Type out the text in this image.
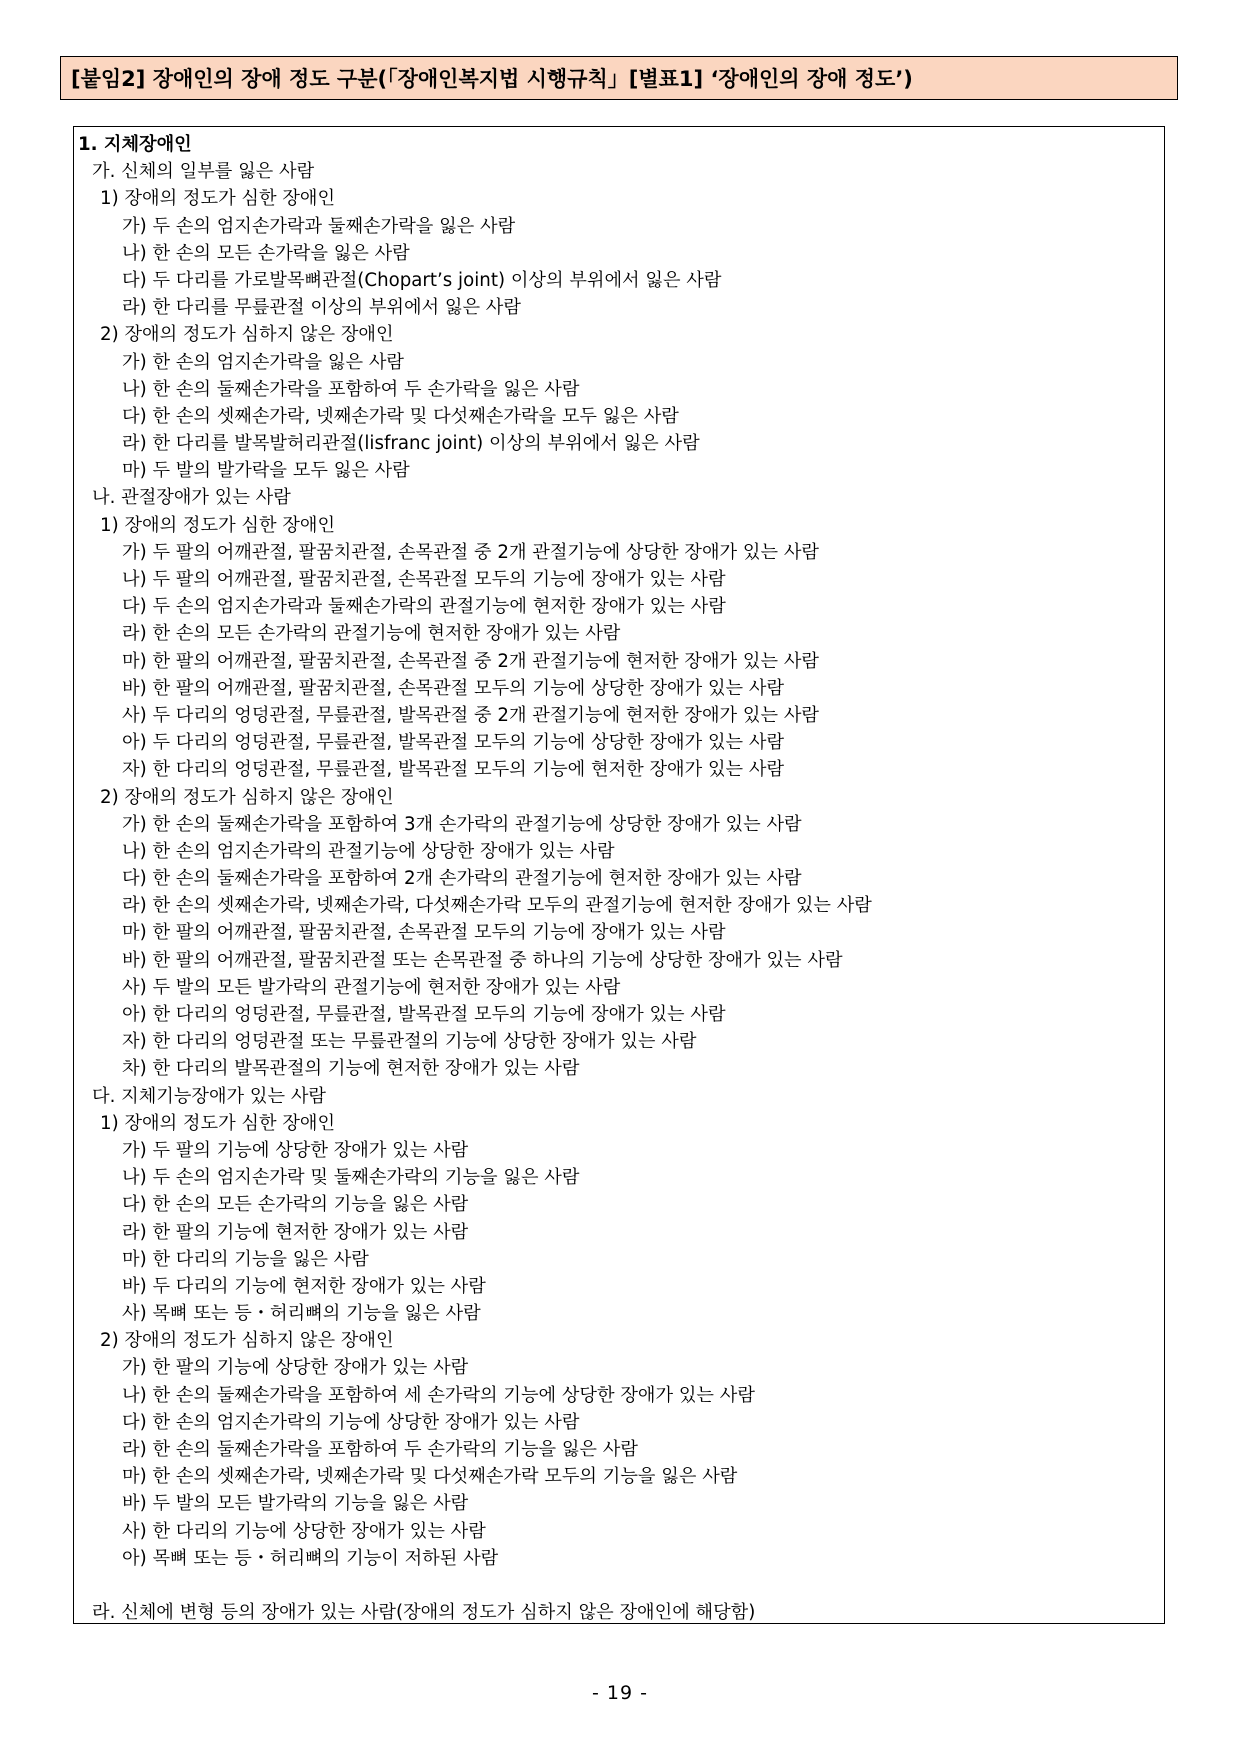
[붙임2] 장애인의 장애 정도 구분(「장애인복지법 시행규칙」[별표1] ‘장애인의 장애 정도’)
1. 지체장애인
가. 신체의 일부를 잃은 사람
1) 장애의 정도가 심한 장애인
가) 두 손의 엄지손가락과 둘째손가락을 잃은 사람
나) 한 손의 모든 손가락을 잃은 사람
다) 두 다리를 가로발목뼈관절(Chopart’s joint) 이상의 부위에서 잃은 사람
라) 한 다리를 무릎관절 이상의 부위에서 잃은 사람
2) 장애의 정도가 심하지 않은 장애인
가) 한 손의 엄지손가락을 잃은 사람
나) 한 손의 둘째손가락을 포함하여 두 손가락을 잃은 사람
다) 한 손의 셋째손가락, 넷째손가락 및 다섯째손가락을 모두 잃은 사람
라) 한 다리를 발목발허리관절(lisfranc joint) 이상의 부위에서 잃은 사람
마) 두 발의 발가락을 모두 잃은 사람
나. 관절장애가 있는 사람
1) 장애의 정도가 심한 장애인
가) 두 팔의 어깨관절, 팔꿈치관절, 손목관절 중 2개 관절기능에 상당한 장애가 있는 사람
나) 두 팔의 어깨관절, 팔꿈치관절, 손목관절 모두의 기능에 장애가 있는 사람
다) 두 손의 엄지손가락과 둘째손가락의 관절기능에 현저한 장애가 있는 사람
라) 한 손의 모든 손가락의 관절기능에 현저한 장애가 있는 사람
마) 한 팔의 어깨관절, 팔꿈치관절, 손목관절 중 2개 관절기능에 현저한 장애가 있는 사람
바) 한 팔의 어깨관절, 팔꿈치관절, 손목관절 모두의 기능에 상당한 장애가 있는 사람
사) 두 다리의 엉덩관절, 무릎관절, 발목관절 중 2개 관절기능에 현저한 장애가 있는 사람
아) 두 다리의 엉덩관절, 무릎관절, 발목관절 모두의 기능에 상당한 장애가 있는 사람
자) 한 다리의 엉덩관절, 무릎관절, 발목관절 모두의 기능에 현저한 장애가 있는 사람
2) 장애의 정도가 심하지 않은 장애인
가) 한 손의 둘째손가락을 포함하여 3개 손가락의 관절기능에 상당한 장애가 있는 사람
나) 한 손의 엄지손가락의 관절기능에 상당한 장애가 있는 사람
다) 한 손의 둘째손가락을 포함하여 2개 손가락의 관절기능에 현저한 장애가 있는 사람
라) 한 손의 셋째손가락, 넷째손가락, 다섯째손가락 모두의 관절기능에 현저한 장애가 있는 사람
마) 한 팔의 어깨관절, 팔꿈치관절, 손목관절 모두의 기능에 장애가 있는 사람
바) 한 팔의 어깨관절, 팔꿈치관절 또는 손목관절 중 하나의 기능에 상당한 장애가 있는 사람
사) 두 발의 모든 발가락의 관절기능에 현저한 장애가 있는 사람
아) 한 다리의 엉덩관절, 무릎관절, 발목관절 모두의 기능에 장애가 있는 사람
자) 한 다리의 엉덩관절 또는 무릎관절의 기능에 상당한 장애가 있는 사람
차) 한 다리의 발목관절의 기능에 현저한 장애가 있는 사람
다. 지체기능장애가 있는 사람
1) 장애의 정도가 심한 장애인
가) 두 팔의 기능에 상당한 장애가 있는 사람
나) 두 손의 엄지손가락 및 둘째손가락의 기능을 잃은 사람
다) 한 손의 모든 손가락의 기능을 잃은 사람
라) 한 팔의 기능에 현저한 장애가 있는 사람
마) 한 다리의 기능을 잃은 사람
바) 두 다리의 기능에 현저한 장애가 있는 사람
사) 목뼈 또는 등・허리뼈의 기능을 잃은 사람
2) 장애의 정도가 심하지 않은 장애인
가) 한 팔의 기능에 상당한 장애가 있는 사람
나) 한 손의 둘째손가락을 포함하여 세 손가락의 기능에 상당한 장애가 있는 사람
다) 한 손의 엄지손가락의 기능에 상당한 장애가 있는 사람
라) 한 손의 둘째손가락을 포함하여 두 손가락의 기능을 잃은 사람
마) 한 손의 셋째손가락, 넷째손가락 및 다섯째손가락 모두의 기능을 잃은 사람
바) 두 발의 모든 발가락의 기능을 잃은 사람
사) 한 다리의 기능에 상당한 장애가 있는 사람
아) 목뼈 또는 등・허리뼈의 기능이 저하된 사람
라. 신체에 변형 등의 장애가 있는 사람(장애의 정도가 심하지 않은 장애인에 해당함)
- 19 -
